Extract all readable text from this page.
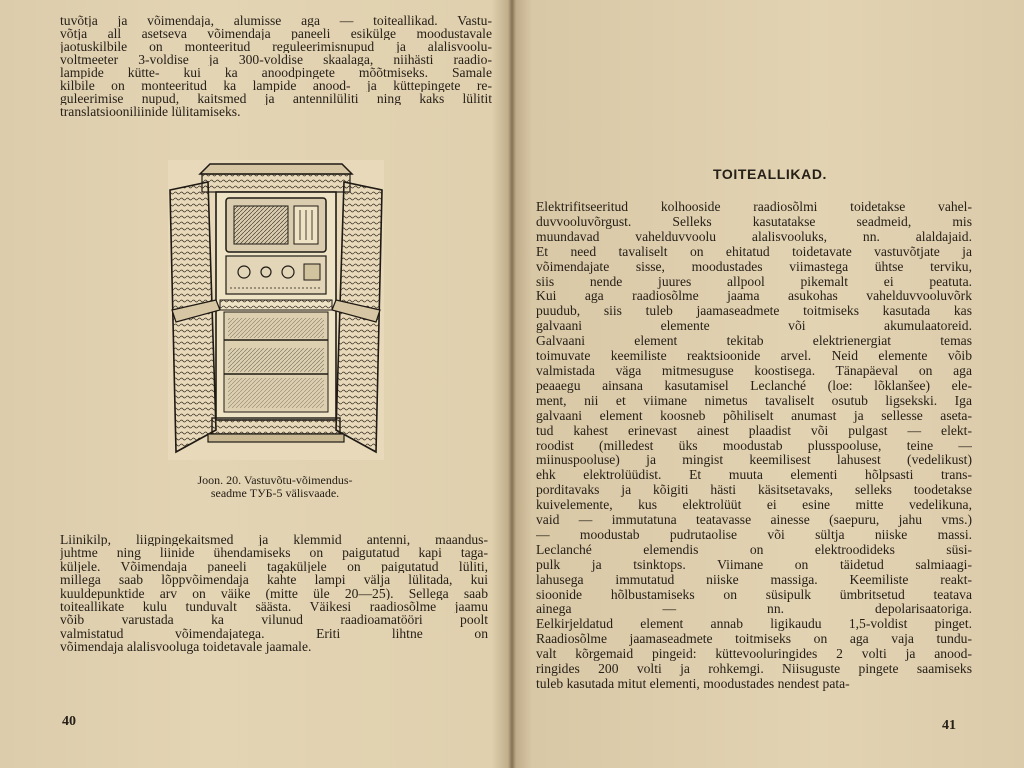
tuvõtja ja võimendaja, alumisse aga — toiteallikad. Vastu-
võtja all asetseva võimendaja paneeli esikülge moodustavale
jaotuskilbile on monteeritud reguleerimisnupud ja alalisvoolu-
voltmeeter 3-voldise ja 300-voldise skaalaga, niihästi raadio-
lampide kütte- kui ka anoodpingete mõõtmiseks. Samale
kilbile on monteeritud ka lampide anood- ja küttepingete re-
guleerimise nupud, kaitsmed ja antennilüliti ning kaks lülitit
translatsiooniliinide lülitamiseks.
Joon. 20. Vastuvõtu-võimendus-
seadme ТУБ-5 välisvaade.
Liinikilp, liigpingekaitsmed ja klemmid antenni, maandus-
juhtme ning liinide ühendamiseks on paigutatud kapi taga-
küljele. Võimendaja paneeli tagaküljele on paigutatud lüliti,
millega saab lõppvõimendaja kahte lampi välja lülitada, kui
kuuldepunktide arv on väike (mitte üle 20—25). Sellega saab
toiteallikate kulu tunduvalt säästa. Väikesi raadiosõlme jaamu
võib varustada ka vilunud raadioamatööri poolt
valmistatud võimendajatega. Eriti lihtne on
võimendaja alalisvooluga toidetavale jaamale.
40
TOITEALLIKAD.
Elektrifitseeritud kolhooside raadiosõlmi toidetakse vahel-
duvvooluvõrgust. Selleks kasutatakse seadmeid, mis
muundavad vahelduvvoolu alalisvooluks, nn. alaldajaid.
Et need tavaliselt on ehitatud toidetavate vastuvõtjate ja
võimendajate sisse, moodustades viimastega ühtse terviku,
siis nende juures allpool pikemalt ei peatuta.
Kui aga raadiosõlme jaama asukohas vahelduvvooluvõrk
puudub, siis tuleb jaamaseadmete toitmiseks kasutada kas
galvaani elemente või akumulaatoreid.
Galvaani element tekitab elektrienergiat temas
toimuvate keemiliste reaktsioonide arvel. Neid elemente võib
valmistada väga mitmesuguse koostisega. Tänapäeval on aga
peaaegu ainsana kasutamisel Leclanché (loe: lõklanšee) ele-
ment, nii et viimane nimetus tavaliselt osutub ligsekski. Iga
galvaani element koosneb põhiliselt anumast ja sellesse aseta-
tud kahest erinevast ainest plaadist või pulgast — elekt-
roodist (milledest üks moodustab plusspooluse, teine —
miinuspooluse) ja mingist keemilisest lahusest (vedelikust)
ehk elektrolüüdist. Et muuta elementi hõlpsasti trans-
porditavaks ja kõigiti hästi käsitsetavaks, selleks toodetakse
kuivelemente, kus elektrolüüt ei esine mitte vedelikuna,
vaid — immutatuna teatavasse ainesse (saepuru, jahu vms.)
— moodustab pudrutaolise või sültja niiske massi.
Leclanché elemendis on elektroodideks süsi-
pulk ja tsinktops. Viimane on täidetud salmiaagi-
lahusega immutatud niiske massiga. Keemiliste reakt-
sioonide hõlbustamiseks on süsipulk ümbritsetud teatava
ainega — nn. depolarisaatoriga.
Eelkirjeldatud element annab ligikaudu 1,5-voldist pinget.
Raadiosõlme jaamaseadmete toitmiseks on aga vaja tundu-
valt kõrgemaid pingeid: küttevooluringides 2 volti ja anood-
ringides 200 volti ja rohkemgi. Niisuguste pingete saamiseks
tuleb kasutada mitut elementi, moodustades nendest pata-
41
